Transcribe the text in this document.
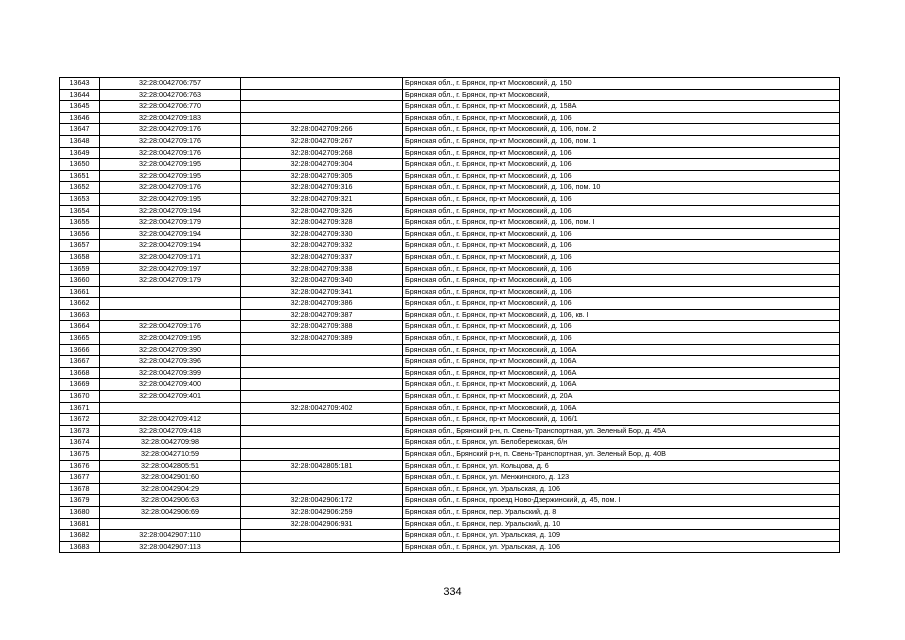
13643	32:28:0042706:757		Брянская обл., г. Брянск, пр-кт Московский, д. 150
13644	32:28:0042706:763		Брянская обл., г. Брянск, пр-кт Московский,
13645	32:28:0042706:770		Брянская обл., г. Брянск, пр-кт Московский, д. 158А
13646	32:28:0042709:183		Брянская обл., г. Брянск, пр-кт Московский, д. 106
13647	32:28:0042709:176	32:28:0042709:266	Брянская обл., г. Брянск, пр-кт Московский, д. 106, пом. 2
13648	32:28:0042709:176	32:28:0042709:267	Брянская обл., г. Брянск, пр-кт Московский, д. 106, пом. 1
13649	32:28:0042709:176	32:28:0042709:268	Брянская обл., г. Брянск, пр-кт Московский, д. 106
13650	32:28:0042709:195	32:28:0042709:304	Брянская обл., г. Брянск, пр-кт Московский, д. 106
13651	32:28:0042709:195	32:28:0042709:305	Брянская обл., г. Брянск, пр-кт Московский, д. 106
13652	32:28:0042709:176	32:28:0042709:316	Брянская обл., г. Брянск, пр-кт Московский, д. 106, пом. 10
13653	32:28:0042709:195	32:28:0042709:321	Брянская обл., г. Брянск, пр-кт Московский, д. 106
13654	32:28:0042709:194	32:28:0042709:326	Брянская обл., г. Брянск, пр-кт Московский, д. 106
13655	32:28:0042709:179	32:28:0042709:328	Брянская обл., г. Брянск, пр-кт Московский, д. 106, пом. I
13656	32:28:0042709:194	32:28:0042709:330	Брянская обл., г. Брянск, пр-кт Московский, д. 106
13657	32:28:0042709:194	32:28:0042709:332	Брянская обл., г. Брянск, пр-кт Московский, д. 106
13658	32:28:0042709:171	32:28:0042709:337	Брянская обл., г. Брянск, пр-кт Московский, д. 106
13659	32:28:0042709:197	32:28:0042709:338	Брянская обл., г. Брянск, пр-кт Московский, д. 106
13660	32:28:0042709:179	32:28:0042709:340	Брянская обл., г. Брянск, пр-кт Московский, д. 106
13661		32:28:0042709:341	Брянская обл., г. Брянск, пр-кт Московский, д. 106
13662		32:28:0042709:386	Брянская обл., г. Брянск, пр-кт Московский, д. 106
13663		32:28:0042709:387	Брянская обл., г. Брянск, пр-кт Московский, д. 106, кв. I
13664	32:28:0042709:176	32:28:0042709:388	Брянская обл., г. Брянск, пр-кт Московский, д. 106
13665	32:28:0042709:195	32:28:0042709:389	Брянская обл., г. Брянск, пр-кт Московский, д. 106
13666	32:28:0042709:390		Брянская обл., г. Брянск, пр-кт Московский, д. 106А
13667	32:28:0042709:396		Брянская обл., г. Брянск, пр-кт Московский, д. 106А
13668	32:28:0042709:399		Брянская обл., г. Брянск, пр-кт Московский, д. 106А
13669	32:28:0042709:400		Брянская обл., г. Брянск, пр-кт Московский, д. 106А
13670	32:28:0042709:401		Брянская обл., г. Брянск, пр-кт Московский, д. 20А
13671		32:28:0042709:402	Брянская обл., г. Брянск, пр-кт Московский, д. 106А
13672	32:28:0042709:412		Брянская обл., г. Брянск, пр-кт Московский, д. 106/1
13673	32:28:0042709:418		Брянская обл., Брянский р-н, п. Свень-Транспортная, ул. Зеленый Бор, д. 45А
13674	32:28:0042709:98		Брянская обл., г. Брянск, ул. Белобережская, б/н
13675	32:28:0042710:59		Брянская обл., Брянский р-н, п. Свень-Транспортная, ул. Зеленый Бор, д. 40В
13676	32:28:0042805:51	32:28:0042805:181	Брянская обл., г. Брянск, ул. Кольцова, д. 6
13677	32:28:0042901:60		Брянская обл., г. Брянск, ул. Менжинского, д. 123
13678	32:28:0042904:29		Брянская обл., г. Брянск, ул. Уральская, д. 106
13679	32:28:0042906:63	32:28:0042906:172	Брянская обл., г. Брянск, проезд Ново-Дзержинский, д. 45, пом. I
13680	32:28:0042906:69	32:28:0042906:259	Брянская обл., г. Брянск, пер. Уральский, д. 8
13681		32:28:0042906:931	Брянская обл., г. Брянск, пер. Уральский, д. 10
13682	32:28:0042907:110		Брянская обл., г. Брянск, ул. Уральская, д. 109
13683	32:28:0042907:113		Брянская обл., г. Брянск, ул. Уральская, д. 106
334
